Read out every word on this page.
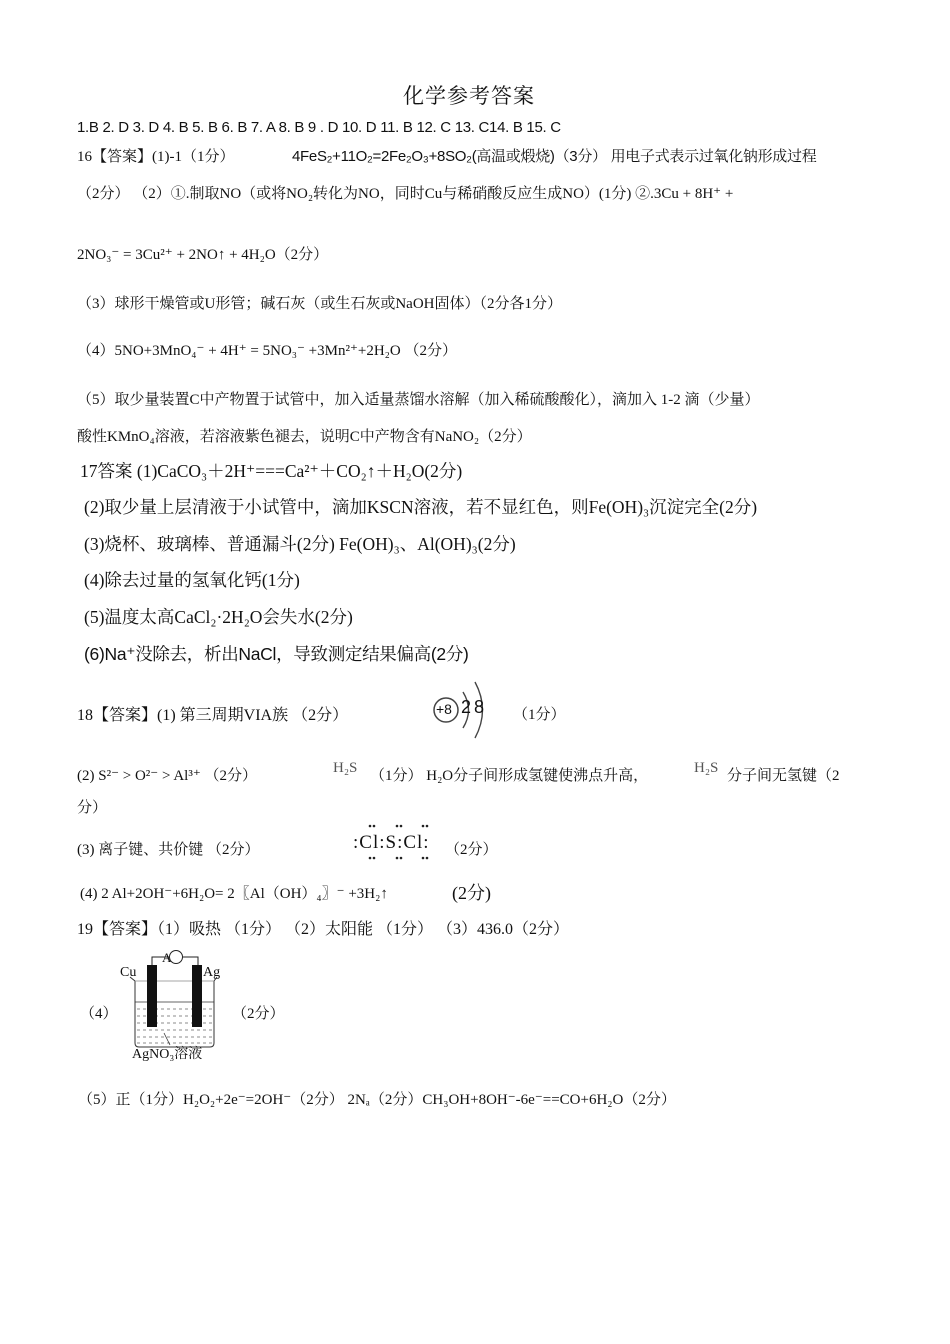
化学参考答案
1.B 2. D 3. D 4. B 5. B 6. B 7. A 8. B 9 . D 10. D 11. B 12. C 13. C14. B 15. C
16【答案】(1)-1（1分）	4FeS₂+11O₂=2Fe₂O₃+8SO₂(高温或煅烧)（3分） 用电子式表示过氧化钠形成过程
（2分） （2）①.制取NO（或将NO₂转化为NO，同时Cu与稀硝酸反应生成NO）(1分) ②.3Cu + 8H⁺ +
2NO₃⁻ = 3Cu²⁺ + 2NO↑ + 4H₂O（2分）
（3）球形干燥管或U形管；碱石灰（或生石灰或NaOH固体）（2分各1分）
（4）5NO+3MnO₄⁻ + 4H⁺ = 5NO₃⁻ +3Mn²⁺+2H₂O （2分）
（5）取少量装置C中产物置于试管中，加入适量蒸馏水溶解（加入稀硫酸酸化），滴加入 1-2 滴（少量）
酸性KMnO₄溶液，若溶液紫色褪去，说明C中产物含有NaNO₂（2分）
17答案 (1)CaCO₃＋2H⁺===Ca²⁺＋CO₂↑＋H₂O(2分)
(2)取少量上层清液于小试管中，滴加KSCN溶液，若不显红色，则Fe(OH)₃沉淀完全(2分)
(3)烧杯、玻璃棒、普通漏斗(2分) Fe(OH)₃、Al(OH)₃(2分)
(4)除去过量的氢氧化钙(1分)
(5)温度太高CaCl₂·2H₂O会失水(2分)
(6)Na⁺没除去，析出NaCl，导致测定结果偏高(2分)
18【答案】(1) 第三周期VIA族 （2分）	+8 2 8 （1分）
(2) S²⁻ > O²⁻ > Al³⁺ （2分）	H₂S （1分） H₂O分子间形成氢键使沸点升高，	H₂S 分子间无氢键（2
分）
(3) 离子键、共价键 （2分）	:Cl:S:Cl: （2分）
(4) 2 Al+2OH⁻+6H₂O= 2〖Al（OH）₄〗⁻ +3H₂↑	(2分)
19【答案】（1）吸热 （1分） （2）太阳能 （1分） （3）436.0（2分）
（4）
A
Cu	Ag
AgNO₃溶液
（2分）
（5）正（1分）H₂O₂+2e⁻=2OH⁻（2分） 2Nₐ（2分）CH₃OH+8OH⁻-6e⁻==CO+6H₂O（2分）
